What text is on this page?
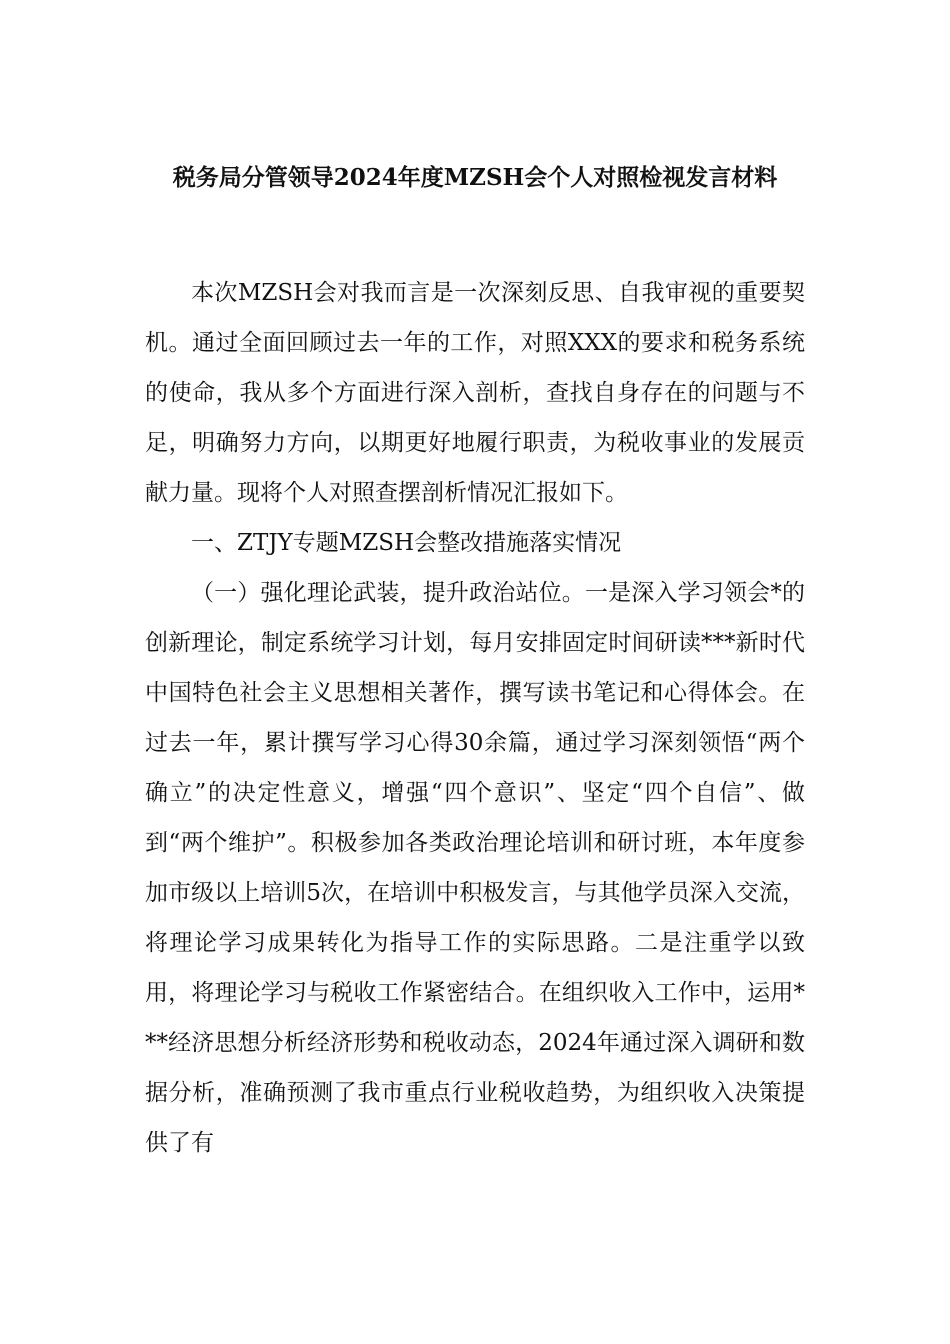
税务局分管领导2024年度MZSH会个人对照检视发言材料

本次MZSH会对我而言是一次深刻反思、自我审视的重要契机。通过全面回顾过去一年的工作，对照XXX的要求和税务系统的使命，我从多个方面进行深入剖析，查找自身存在的问题与不足，明确努力方向，以期更好地履行职责，为税收事业的发展贡献力量。现将个人对照查摆剖析情况汇报如下。

一、ZTJY专题MZSH会整改措施落实情况

（一）强化理论武装，提升政治站位。一是深入学习领会*的创新理论，制定系统学习计划，每月安排固定时间研读***新时代中国特色社会主义思想相关著作，撰写读书笔记和心得体会。在过去一年，累计撰写学习心得30余篇，通过学习深刻领悟“两个确立”的决定性意义，增强“四个意识”、坚定“四个自信”、做到“两个维护”。积极参加各类政治理论培训和研讨班，本年度参加市级以上培训5次，在培训中积极发言，与其他学员深入交流，将理论学习成果转化为指导工作的实际思路。二是注重学以致用，将理论学习与税收工作紧密结合。在组织收入工作中，运用***经济思想分析经济形势和税收动态，2024年通过深入调研和数据分析，准确预测了我市重点行业税收趋势，为组织收入决策提供了有
